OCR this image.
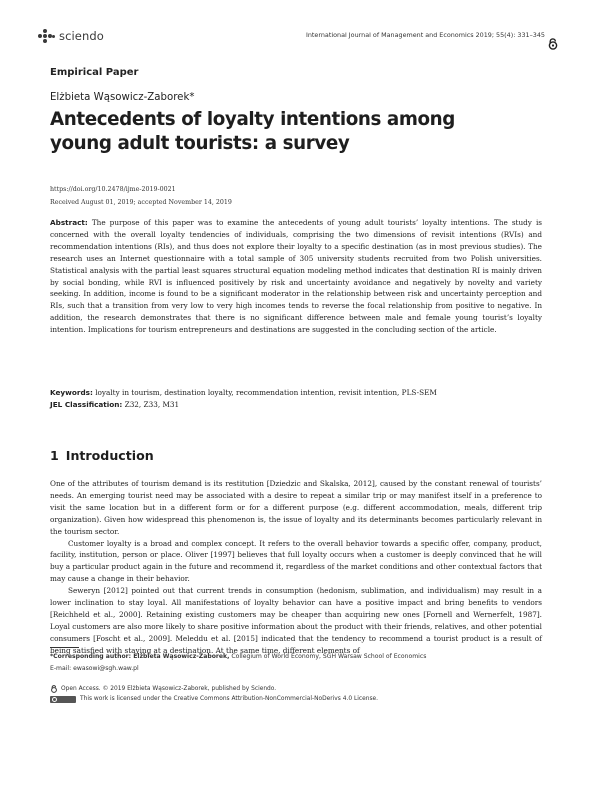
sciendo	International Journal of Management and Economics 2019; 55(4): 331–345
Empirical Paper
Elżbieta Wąsowicz-Zaborek*
Antecedents of loyalty intentions among young adult tourists: a survey
https://doi.org/10.2478/ijme-2019-0021
Received August 01, 2019; accepted November 14, 2019
Abstract: The purpose of this paper was to examine the antecedents of young adult tourists’ loyalty intentions. The study is concerned with the overall loyalty tendencies of individuals, comprising the two dimensions of revisit intentions (RVIs) and recommendation intentions (RIs), and thus does not explore their loyalty to a specific destination (as in most previous studies). The research uses an Internet questionnaire with a total sample of 305 university students recruited from two Polish universities. Statistical analysis with the partial least squares structural equation modeling method indicates that destination RI is mainly driven by social bonding, while RVI is influenced positively by risk and uncertainty avoidance and negatively by novelty and variety seeking. In addition, income is found to be a significant moderator in the relationship between risk and uncertainty perception and RIs, such that a transition from very low to very high incomes tends to reverse the focal relationship from positive to negative. In addition, the research demonstrates that there is no significant difference between male and female young tourist’s loyalty intention. Implications for tourism entrepreneurs and destinations are suggested in the concluding section of the article.
Keywords: loyalty in tourism, destination loyalty, recommendation intention, revisit intention, PLS-SEM
JEL Classification: Z32, Z33, M31
1 Introduction

One of the attributes of tourism demand is its restitution [Dziedzic and Skalska, 2012], caused by the constant renewal of tourists’ needs. An emerging tourist need may be associated with a desire to repeat a similar trip or may manifest itself in a preference to visit the same location but in a different form or for a different purpose (e.g. different accommodation, meals, different trip organization). Given how widespread this phenomenon is, the issue of loyalty and its determinants becomes particularly relevant in the tourism sector.

Customer loyalty is a broad and complex concept. It refers to the overall behavior towards a specific offer, company, product, facility, institution, person or place. Oliver [1997] believes that full loyalty occurs when a customer is deeply convinced that he will buy a particular product again in the future and recommend it, regardless of the market conditions and other contextual factors that may cause a change in their behavior.

Seweryn [2012] pointed out that current trends in consumption (hedonism, sublimation, and individualism) may result in a lower inclination to stay loyal. All manifestations of loyalty behavior can have a positive impact and bring benefits to vendors [Reichheld et al., 2000]. Retaining existing customers may be cheaper than acquiring new ones [Fornell and Wernerfelt, 1987]. Loyal customers are also more likely to share positive information about the product with their friends, relatives, and other potential consumers [Foscht et al., 2009]. Meleddu et al. [2015] indicated that the tendency to recommend a tourist product is a result of being satisfied with staying at a destination. At the same time, different elements of

*Corresponding author: Elżbieta Wąsowicz-Zaborek, Collegium of World Economy, SGH Warsaw School of Economics
E-mail: ewasowi@sgh.waw.pl
Open Access. © 2019 Elżbieta Wąsowicz-Zaborek, published by Sciendo.
This work is licensed under the Creative Commons Attribution-NonCommercial-NoDerivs 4.0 License.
